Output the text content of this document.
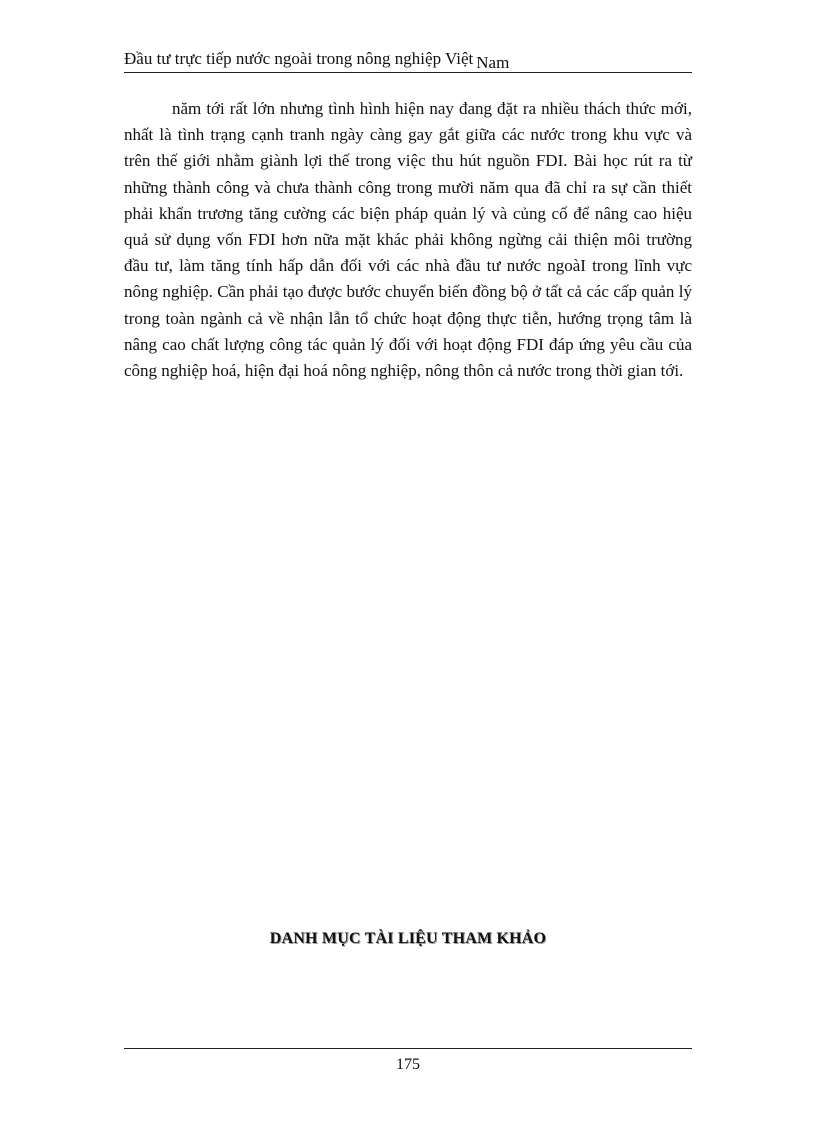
Đầu tư trực tiếp nước ngoài trong nông nghiệp Việt Nam

năm tới rất lớn nhưng tình hình hiện nay đang đặt ra nhiều thách thức mới, nhất là tình trạng cạnh tranh ngày càng gay gắt giữa các nước trong khu vực và trên thế giới nhằm giành lợi thế trong việc thu hút nguồn FDI. Bài học rút ra từ những thành công và chưa thành công trong mười năm qua đã chỉ ra sự cần thiết phải khẩn trương tăng cường các biện pháp quản lý và củng cố để nâng cao hiệu quả sử dụng vốn FDI hơn nữa mặt khác phải không ngừng cải thiện môi trường đầu tư, làm tăng tính hấp dẫn đối với các nhà đầu tư nước ngoàI trong lĩnh vực nông nghiệp. Cần phải tạo được bước chuyển biến đồng bộ ở tất cả các cấp quản lý trong toàn ngành cả về nhận lẫn tổ chức hoạt động thực tiễn, hướng trọng tâm là nâng cao chất lượng công tác quản lý đối với hoạt động FDI đáp ứng yêu cầu của công nghiệp hoá, hiện đại hoá nông nghiệp, nông thôn cả nước trong thời gian tới.

DANH MỤC TÀI LIỆU THAM KHẢO
175
